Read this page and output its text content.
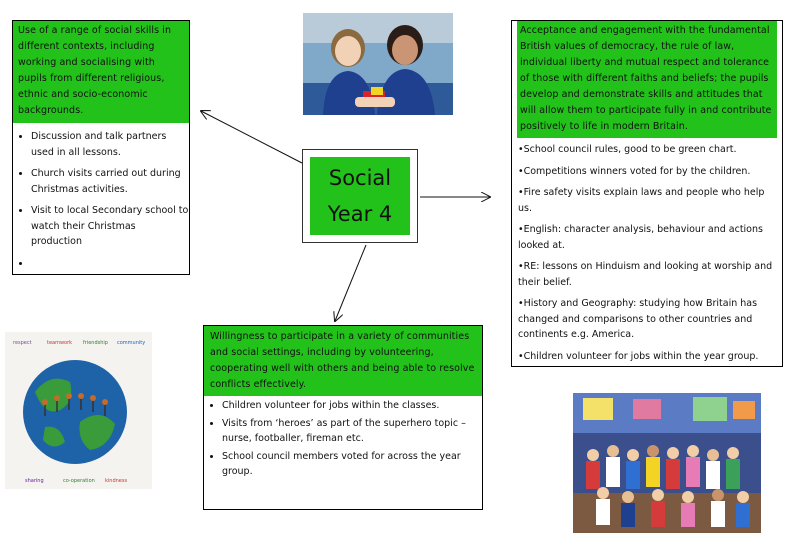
Use of a range of social skills in different contexts, including working and socialising with pupils from different religious, ethnic and socio-economic backgrounds.
• Discussion and talk partners used in all lessons.
• Church visits carried out during Christmas activities.
• Visit to local Secondary school to watch their Christmas production
•
Social
Year 4
Acceptance and engagement with the fundamental British values of democracy, the rule of law, individual liberty and mutual respect and tolerance of those with different faiths and beliefs; the pupils develop and demonstrate skills and attitudes that will allow them to participate fully in and contribute positively to life in modern Britain.

•School council rules, good to be green chart.

•Competitions winners voted for by the children.

•Fire safety visits explain laws and people who help us.

•English: character analysis, behaviour and actions looked at.

•RE: lessons on Hinduism and looking at worship and their belief.

•History and Geography: studying how Britain has changed and comparisons to other countries and continents e.g. America.

•Children volunteer for jobs within the year group.

Willingness to participate in a variety of communities and social settings, including by volunteering, cooperating well with others and being able to resolve conflicts effectively.
• Children volunteer for jobs within the classes.
• Visits from ‘heroes’ as part of the superhero topic – nurse, footballer, fireman etc.
• School council members voted for across the year group.
respect	teamwork friendship community
sharing	co-operation kindness
